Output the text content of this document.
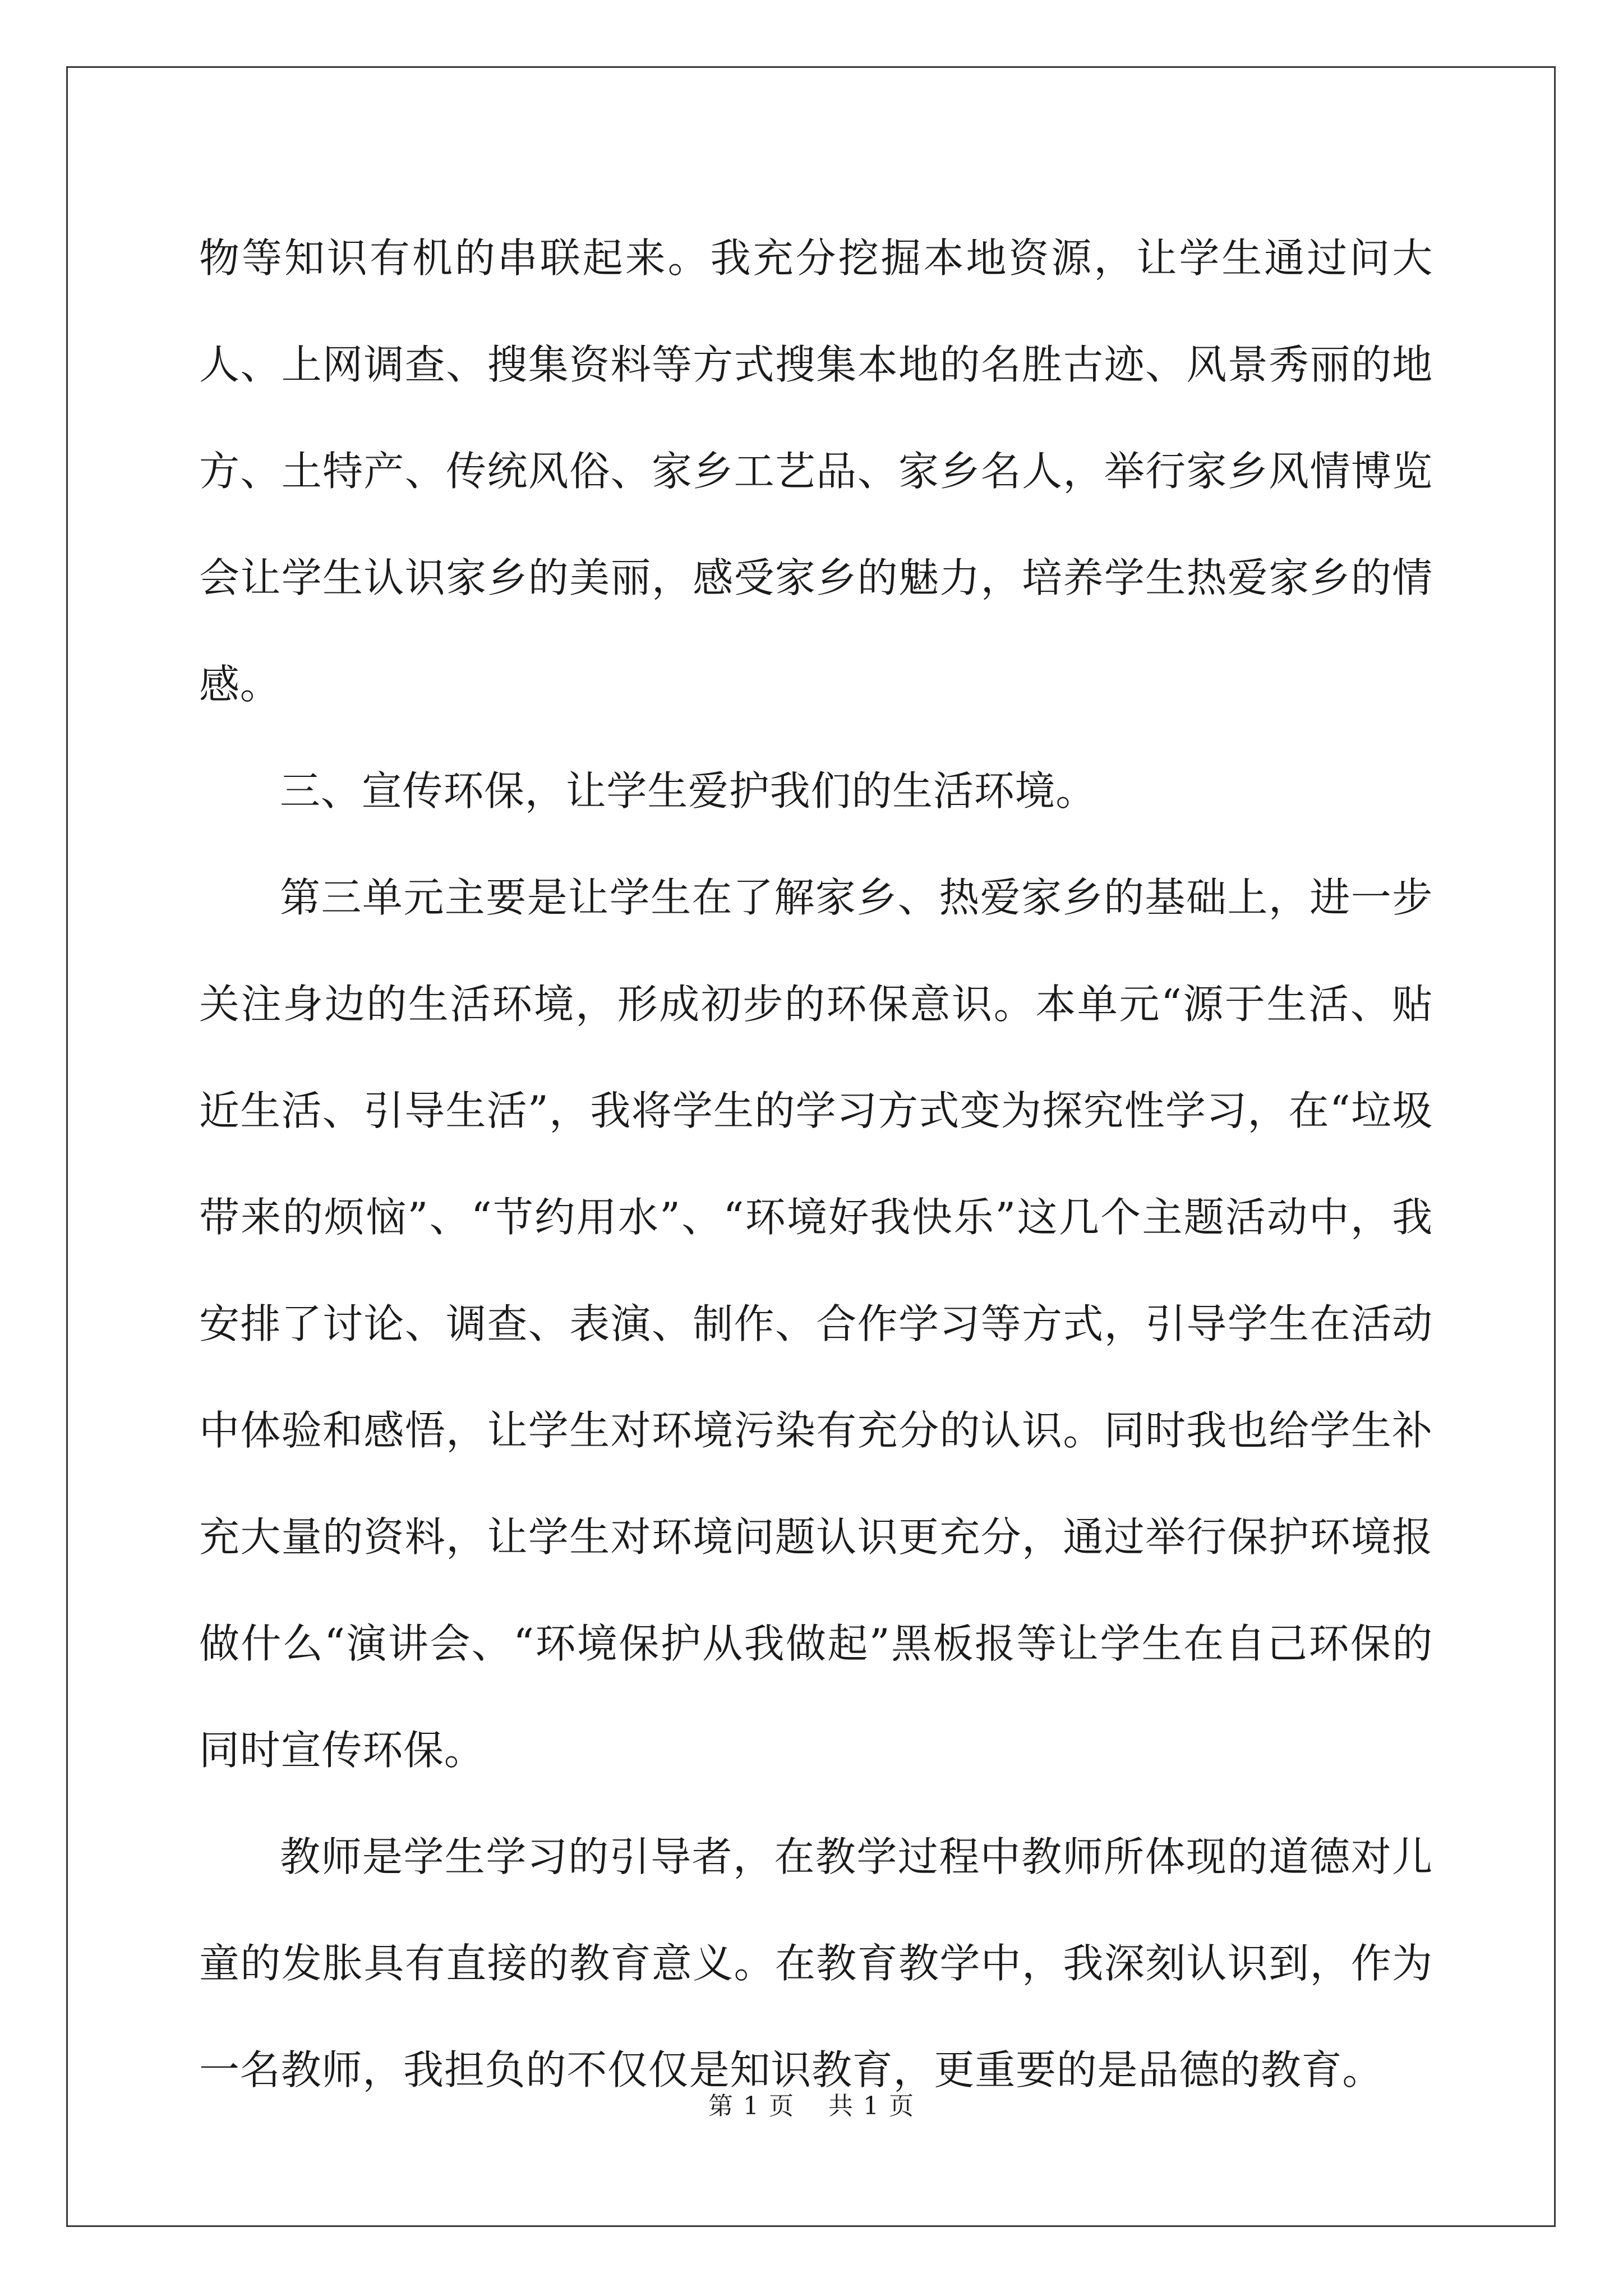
物等知识有机的串联起来。我充分挖掘本地资源，让学生通过问大人、上网调查、搜集资料等方式搜集本地的名胜古迹、风景秀丽的地方、土特产、传统风俗、家乡工艺品、家乡名人，举行家乡风情博览会让学生认识家乡的美丽，感受家乡的魅力，培养学生热爱家乡的情感。

三、宣传环保，让学生爱护我们的生活环境。

第三单元主要是让学生在了解家乡、热爱家乡的基础上，进一步关注身边的生活环境，形成初步的环保意识。本单元“源于生活、贴近生活、引导生活”，我将学生的学习方式变为探究性学习，在“垃圾带来的烦恼”、“节约用水”、“环境好我快乐”这几个主题活动中，我安排了讨论、调查、表演、制作、合作学习等方式，引导学生在活动中体验和感悟，让学生对环境污染有充分的认识。同时我也给学生补充大量的资料，让学生对环境问题认识更充分，通过举行保护环境报做什么“演讲会、“环境保护从我做起”黑板报等让学生在自己环保的同时宣传环保。

教师是学生学习的引导者，在教学过程中教师所体现的道德对儿童的发胀具有直接的教育意义。在教育教学中，我深刻认识到，作为一名教师，我担负的不仅仅是知识教育，更重要的是品德的教育。

第 1 页 共 1 页
